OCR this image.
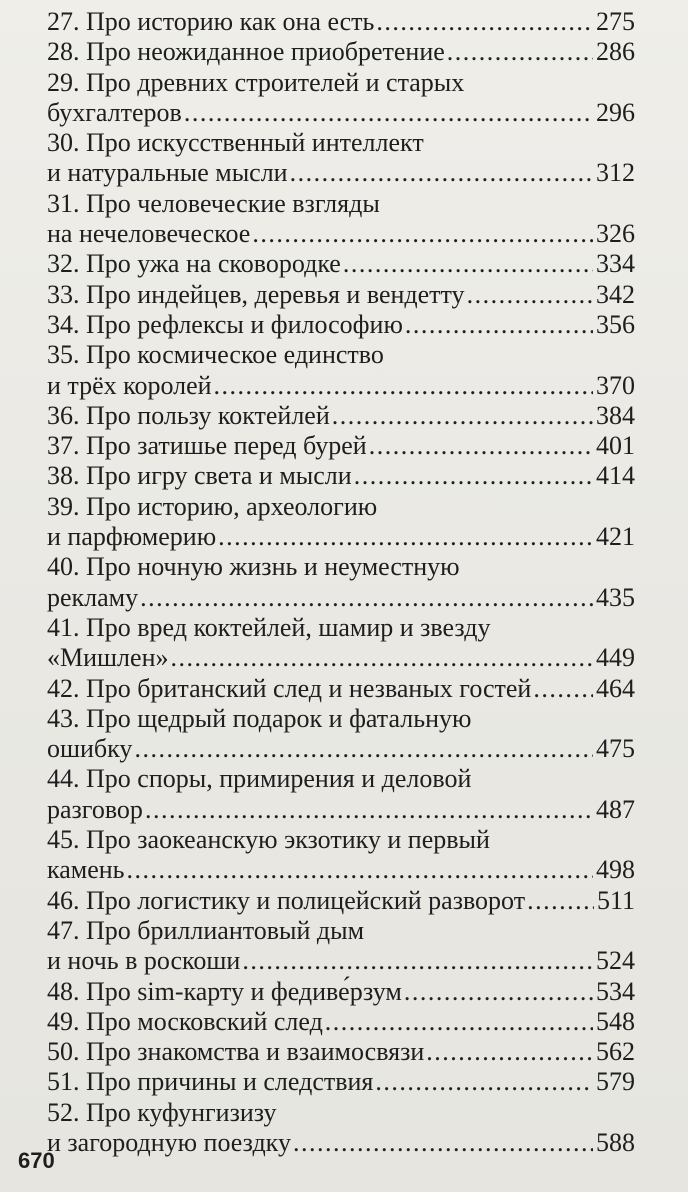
27. Про историю как она есть .....	275
28. Про неожиданное приобретение .....	286
29. Про древних строителей и старых
бухгалтеров .....	296
30. Про искусственный интеллект
и натуральные мысли .....	312
31. Про человеческие взгляды
на нечеловеческое .....	326
32. Про ужа на сковородке .....	334
33. Про индейцев, деревья и вендетту .....	342
34. Про рефлексы и философию .....	356
35. Про космическое единство
и трёх королей .....	370
36. Про пользу коктейлей .....	384
37. Про затишье перед бурей .....	401
38. Про игру света и мысли .....	414
39. Про историю, археологию
и парфюмерию .....	421
40. Про ночную жизнь и неуместную
рекламу .....	435
41. Про вред коктейлей, шамир и звезду
«Мишлен» .....	449
42. Про британский след и незваных гостей ..... 464
43. Про щедрый подарок и фатальную
ошибку .....	475
44. Про споры, примирения и деловой
разговор .....	487
45. Про заокеанскую экзотику и первый
камень .....	498
46. Про логистику и полицейский разворот .....	511
47. Про бриллиантовый дым
и ночь в роскоши .....	524
48. Про sim-карту и федиве́рзум .....	534
49. Про московский след .....	548
50. Про знакомства и взаимосвязи .....	562
51. Про причины и следствия .....	579
52. Про куфунгизизу
и загородную поездку .....	588
670
